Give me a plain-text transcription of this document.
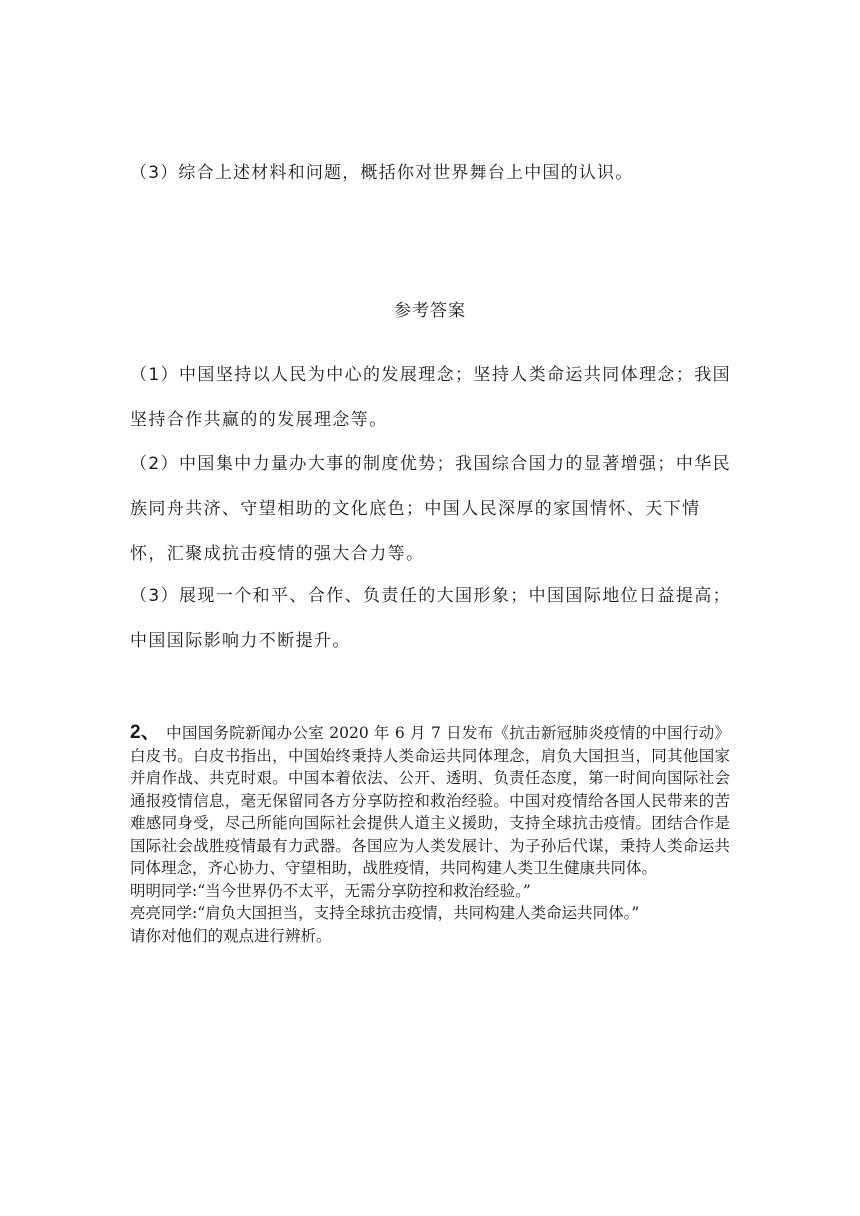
（3）综合上述材料和问题，概括你对世界舞台上中国的认识。
参考答案
（1）中国坚持以人民为中心的发展理念；坚持人类命运共同体理念；我国坚持合作共赢的的发展理念等。
（2）中国集中力量办大事的制度优势；我国综合国力的显著增强；中华民族同舟共济、守望相助的文化底色；中国人民深厚的家国情怀、天下情怀，汇聚成抗击疫情的强大合力等。
（3）展现一个和平、合作、负责任的大国形象；中国国际地位日益提高；中国国际影响力不断提升。

2、 中国国务院新闻办公室 2020 年 6 月 7 日发布《抗击新冠肺炎疫情的中国行动》白皮书。白皮书指出，中国始终秉持人类命运共同体理念，肩负大国担当，同其他国家并肩作战、共克时艰。中国本着依法、公开、透明、负责任态度，第一时间向国际社会通报疫情信息，毫无保留同各方分享防控和救治经验。中国对疫情给各国人民带来的苦难感同身受，尽己所能向国际社会提供人道主义援助，支持全球抗击疫情。团结合作是国际社会战胜疫情最有力武器。各国应为人类发展计、为子孙后代谋，秉持人类命运共同体理念，齐心协力、守望相助，战胜疫情，共同构建人类卫生健康共同体。

明明同学:“当今世界仍不太平，无需分享防控和救治经验。”

亮亮同学:“肩负大国担当，支持全球抗击疫情，共同构建人类命运共同体。”

请你对他们的观点进行辨析。
